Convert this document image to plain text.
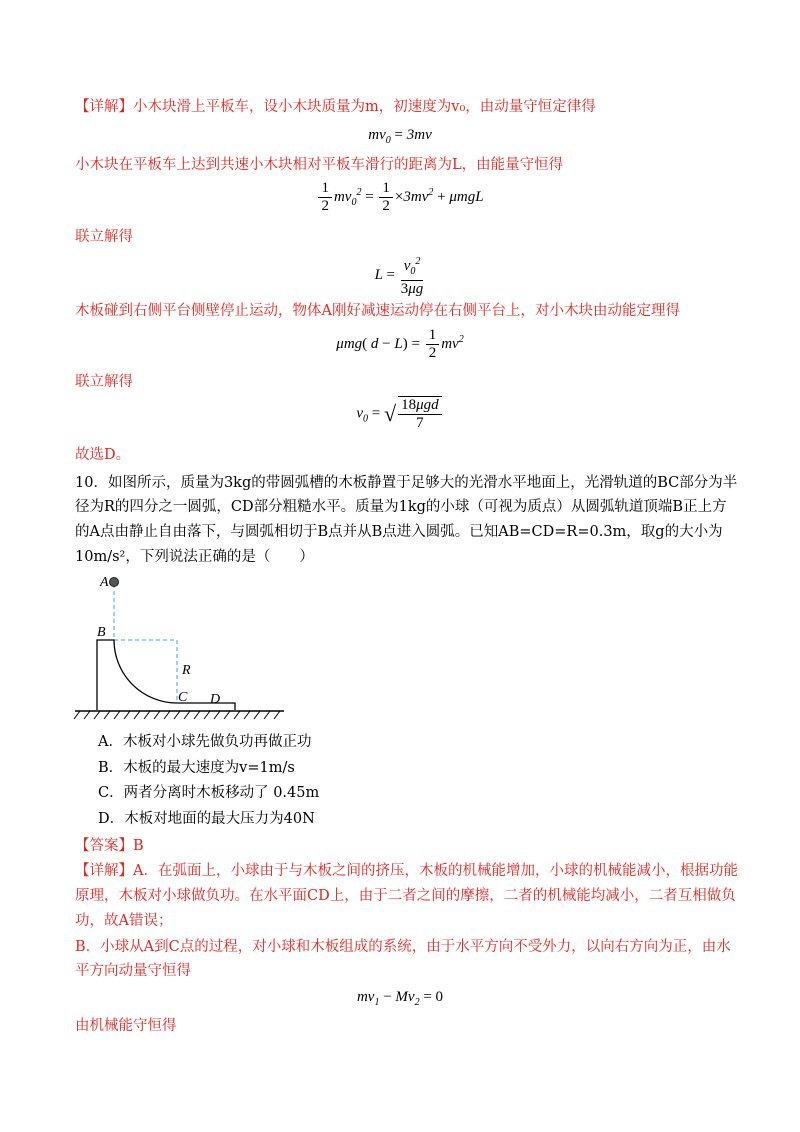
【详解】小木块滑上平板车，设小木块质量为m，初速度为v₀，由动量守恒定律得
$mv_0 = 3mv$
小木块在平板车上达到共速小木块相对平板车滑行的距离为L，由能量守恒得
$\frac{1}{2} mv_0^2 = \frac{1}{2} \times 3mv^2 + \mu mgL$
联立解得
$L = \frac{v_0^2}{3\mu g}$
木板碰到右侧平台侧壁停止运动，物体A刚好减速运动停在右侧平台上，对小木块由动能定理得
μmg( $d - L) = \frac{1}{2} mv^2$
联立解得
$v_0$ = √ $\frac{\text{18μgd}}{7}$
故选D。
10．如图所示，质量为3kg的带圆弧槽的木板静置于足够大的光滑水平地面上，光滑轨道的BC部分为半
径为R的四分之一圆弧，CD部分粗糙水平。质量为1kg的小球（可视为质点）从圆弧轨道顶端B正上方
的A点由静止自由落下，与圆弧相切于B点并从B点进入圆弧。已知AB=CD=R=0.3m，取g的大小为
10m/s²，下列说法正确的是（　　）
A
B
R
C D
A．木板对小球先做负功再做正功
B．木板的最大速度为v=1m/s
C．两者分离时木板移动了 0.45m
D．木板对地面的最大压力为40N
【答案】B
【详解】A．在弧面上，小球由于与木板之间的挤压，木板的机械能增加，小球的机械能减小，根据功能
原理，木板对小球做负功。在水平面CD上，由于二者之间的摩擦，二者的机械能均减小，二者互相做负
功，故A错误；
B．小球从A到C点的过程，对小球和木板组成的系统，由于水平方向不受外力，以向右方向为正，由水
平方向动量守恒得
$mv_1 - Mv_2 = 0$
由机械能守恒得
